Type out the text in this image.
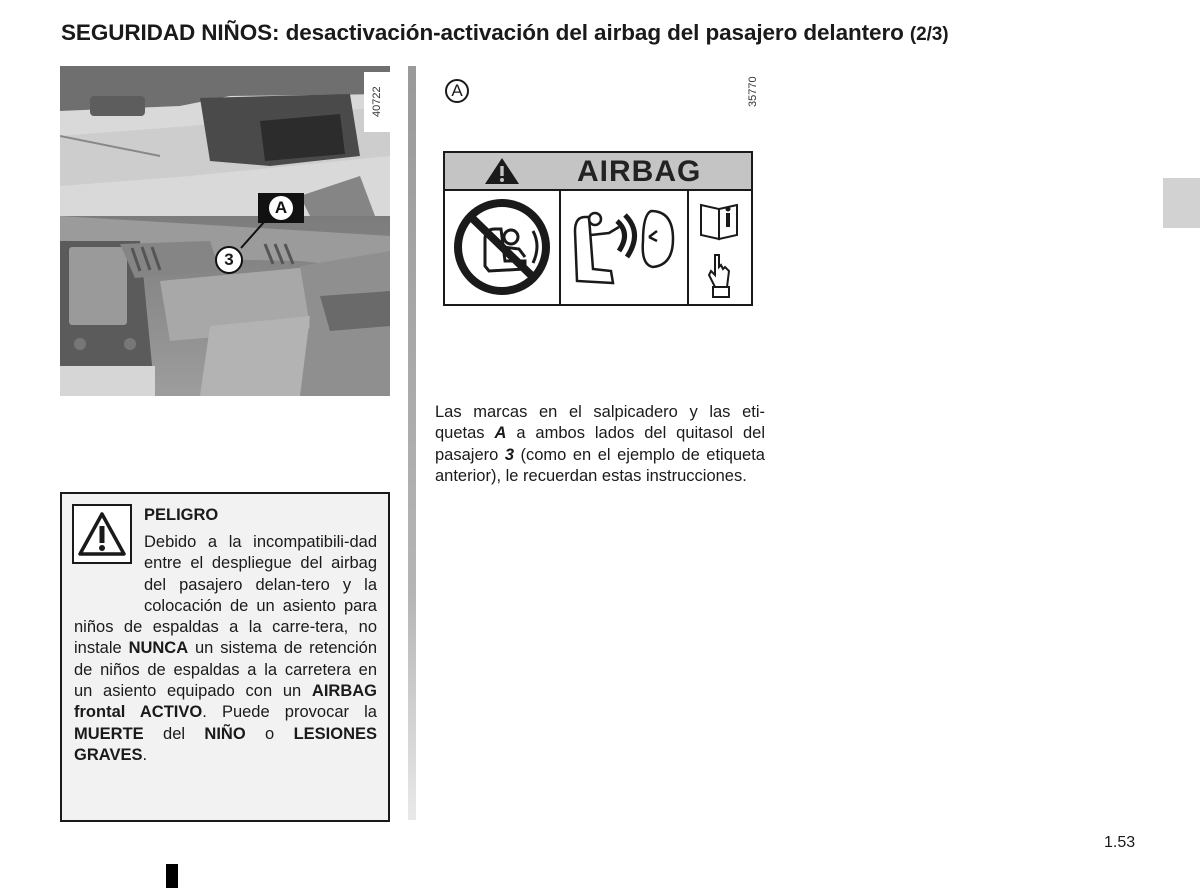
SEGURIDAD NIÑOS: desactivación-activación del airbag del pasajero delantero (2/3)
A
3
40722
PELIGRO
Debido a la incompatibili-dad entre el despliegue del airbag del pasajero delan-tero y la colocación de un asiento para niños de espaldas a la carre-tera, no instale NUNCA un sistema de retención de niños de espaldas a la carretera en un asiento equipado con un AIRBAG frontal ACTIVO. Puede provocar la MUERTE del NIÑO o LESIONES GRAVES.
A	35770
AIRBAG
Las marcas en el salpicadero y las eti-quetas A a ambos lados del quitasol del pasajero 3 (como en el ejemplo de etiqueta anterior), le recuerdan estas instrucciones.
1.53
